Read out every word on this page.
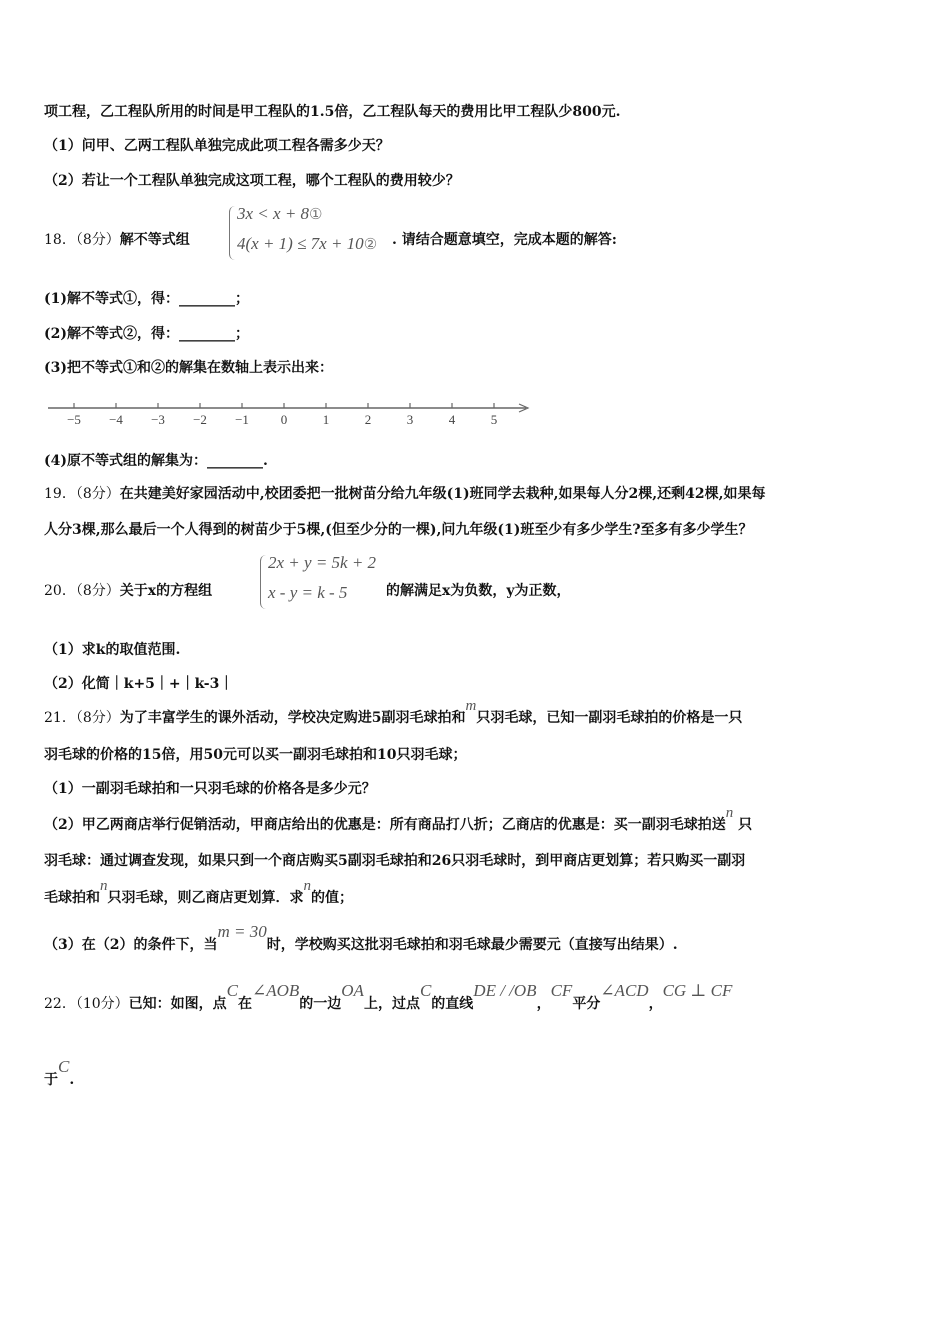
项工程，乙工程队所用的时间是甲工程队的1.5倍，乙工程队每天的费用比甲工程队少800元.
（1）问甲、乙两工程队单独完成此项工程各需多少天？
（2）若让一个工程队单独完成这项工程，哪个工程队的费用较少？
18．（8分）解不等式组
3x < x + 8①
4(x + 1) ≤ 7x + 10② . 请结合题意填空，完成本题的解答:
(1)解不等式①，得：________；
(2)解不等式②，得：________；
(3)把不等式①和②的解集在数轴上表示出来：
−5 −4 −3 −2 −1 0	1	2	3	4	5
(4)原不等式组的解集为：________.
19．（8分）在共建美好家园活动中,校团委把一批树苗分给九年级(1)班同学去栽种,如果每人分2棵,还剩42棵,如果每
人分3棵,那么最后一个人得到的树苗少于5棵,(但至少分的一棵),问九年级(1)班至少有多少学生?至多有多少学生？
20．（8分）关于x的方程组
2x + y = 5k + 2
x - y = k - 5	的解满足x为负数，y为正数，
（1）求k的取值范围.
（2）化简｜k+5｜+｜k-3｜
21．（8分）为了丰富学生的课外活动，学校决定购进5副羽毛球拍和m只羽毛球，已知一副羽毛球拍的价格是一只
羽毛球的价格的15倍，用50元可以买一副羽毛球拍和10只羽毛球；
（1）一副羽毛球拍和一只羽毛球的价格各是多少元？
（2）甲乙两商店举行促销活动，甲商店给出的优惠是：所有商品打八折；乙商店的优惠是：买一副羽毛球拍送n 只
羽毛球：通过调查发现，如果只到一个商店购买5副羽毛球拍和26只羽毛球时，到甲商店更划算；若只购买一副羽
毛球拍和n只羽毛球，则乙商店更划算．求n的值；
（3）在（2）的条件下，当m = 30时，学校购买这批羽毛球拍和羽毛球最少需要元（直接写出结果）.
22．（10分）已知：如图，点C在∠AOB的一边OA上，过点C的直线DE / /OB，CF平分∠ACD，CG ⊥ CF
于C.
